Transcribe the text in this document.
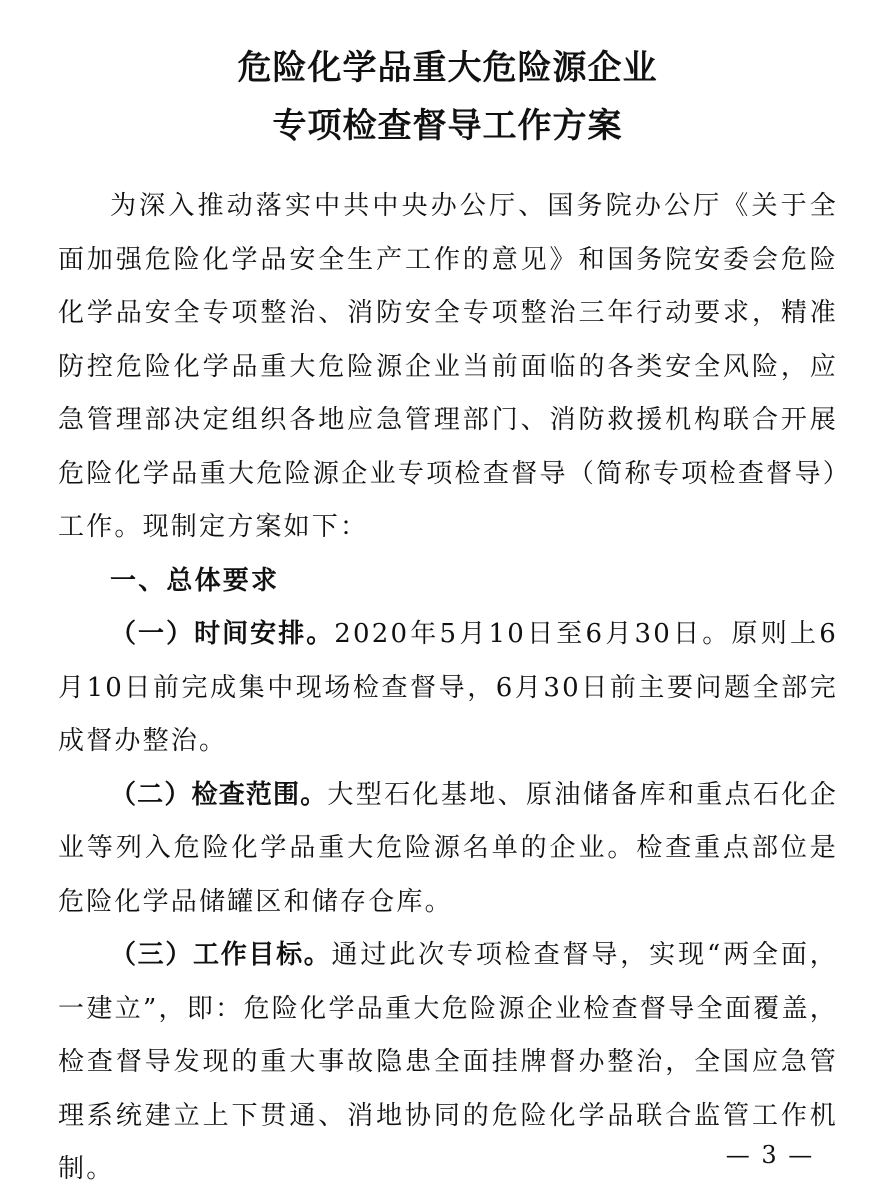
危险化学品重大危险源企业
专项检查督导工作方案

为深入推动落实中共中央办公厅、国务院办公厅《关于全面加强危险化学品安全生产工作的意见》和国务院安委会危险化学品安全专项整治、消防安全专项整治三年行动要求，精准防控危险化学品重大危险源企业当前面临的各类安全风险，应急管理部决定组织各地应急管理部门、消防救援机构联合开展危险化学品重大危险源企业专项检查督导（简称专项检查督导）工作。现制定方案如下：

一、总体要求

（一）时间安排。2020年5月10日至6月30日。原则上6月10日前完成集中现场检查督导，6月30日前主要问题全部完成督办整治。

（二）检查范围。大型石化基地、原油储备库和重点石化企业等列入危险化学品重大危险源名单的企业。检查重点部位是危险化学品储罐区和储存仓库。

（三）工作目标。通过此次专项检查督导，实现“两全面，一建立”，即：危险化学品重大危险源企业检查督导全面覆盖，检查督导发现的重大事故隐患全面挂牌督办整治，全国应急管理系统建立上下贯通、消地协同的危险化学品联合监管工作机制。	— 3 —
